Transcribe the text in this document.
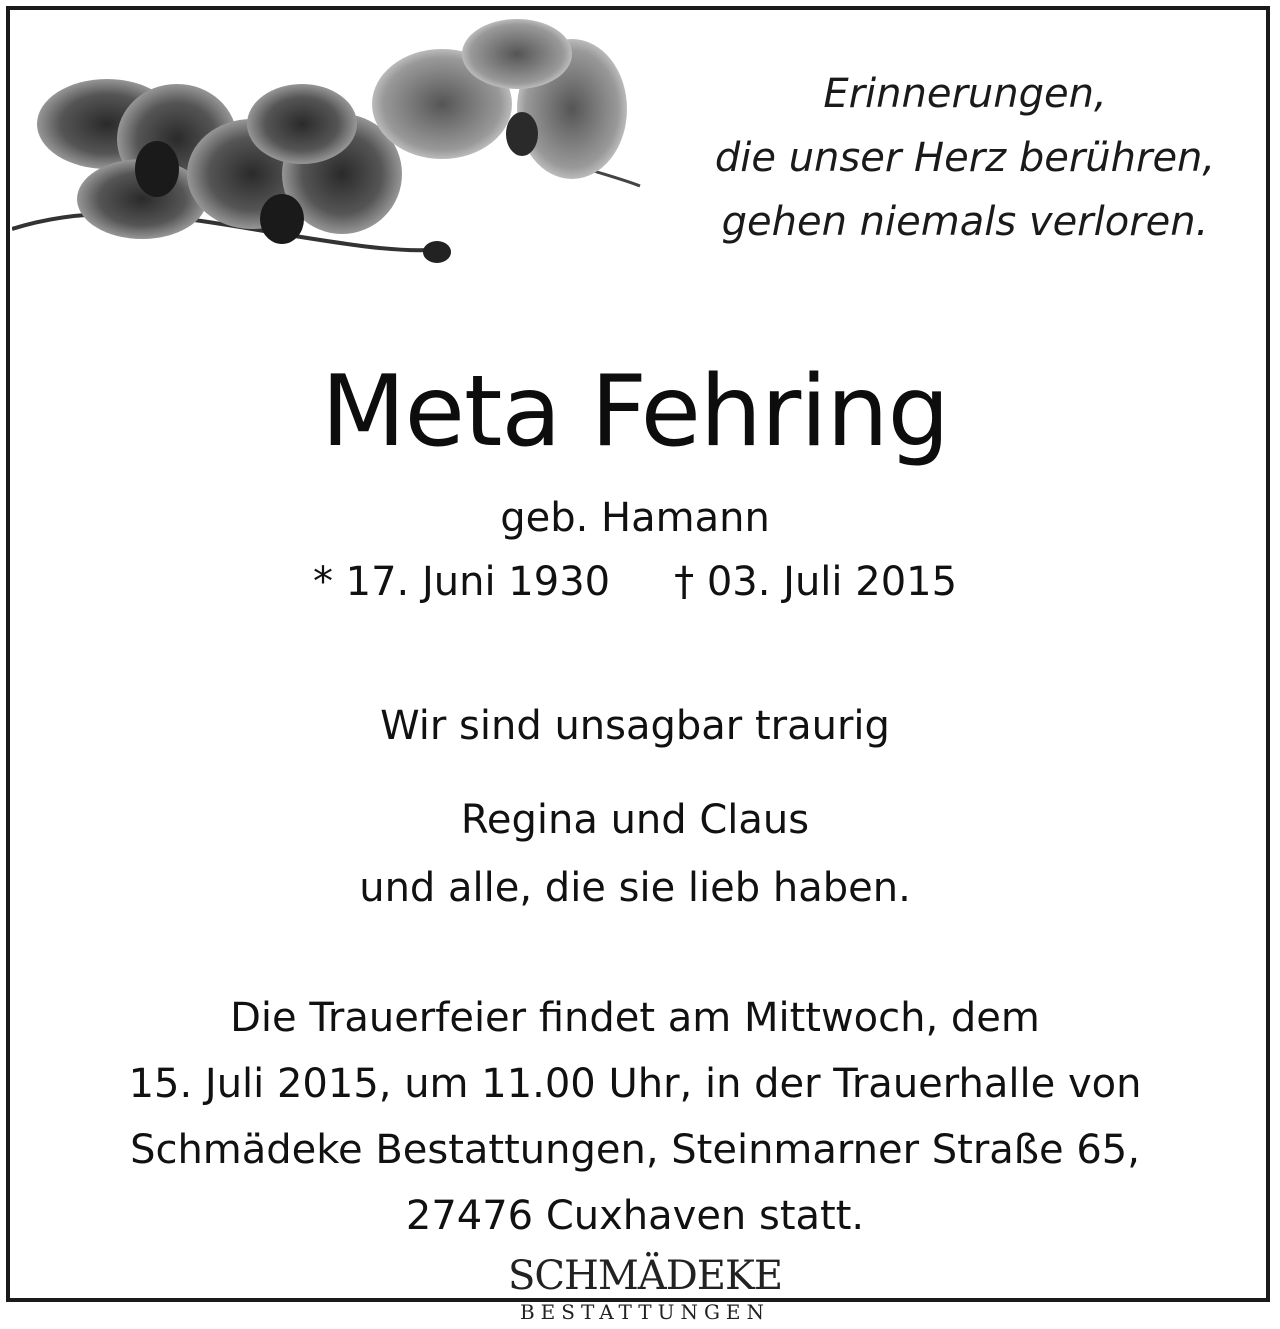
Erinnerungen,
die unser Herz berühren,
gehen niemals verloren.
Meta Fehring
geb. Hamann
* 17. Juni 1930 † 03. Juli 2015
Wir sind unsagbar traurig
Regina und Claus
und alle, die sie lieb haben.
Die Trauerfeier findet am Mittwoch, dem
15. Juli 2015, um 11.00 Uhr, in der Trauerhalle von
Schmädeke Bestattungen, Steinmarner Straße 65,
27476 Cuxhaven statt.
SCHMÄDEKE
BESTATTUNGEN
